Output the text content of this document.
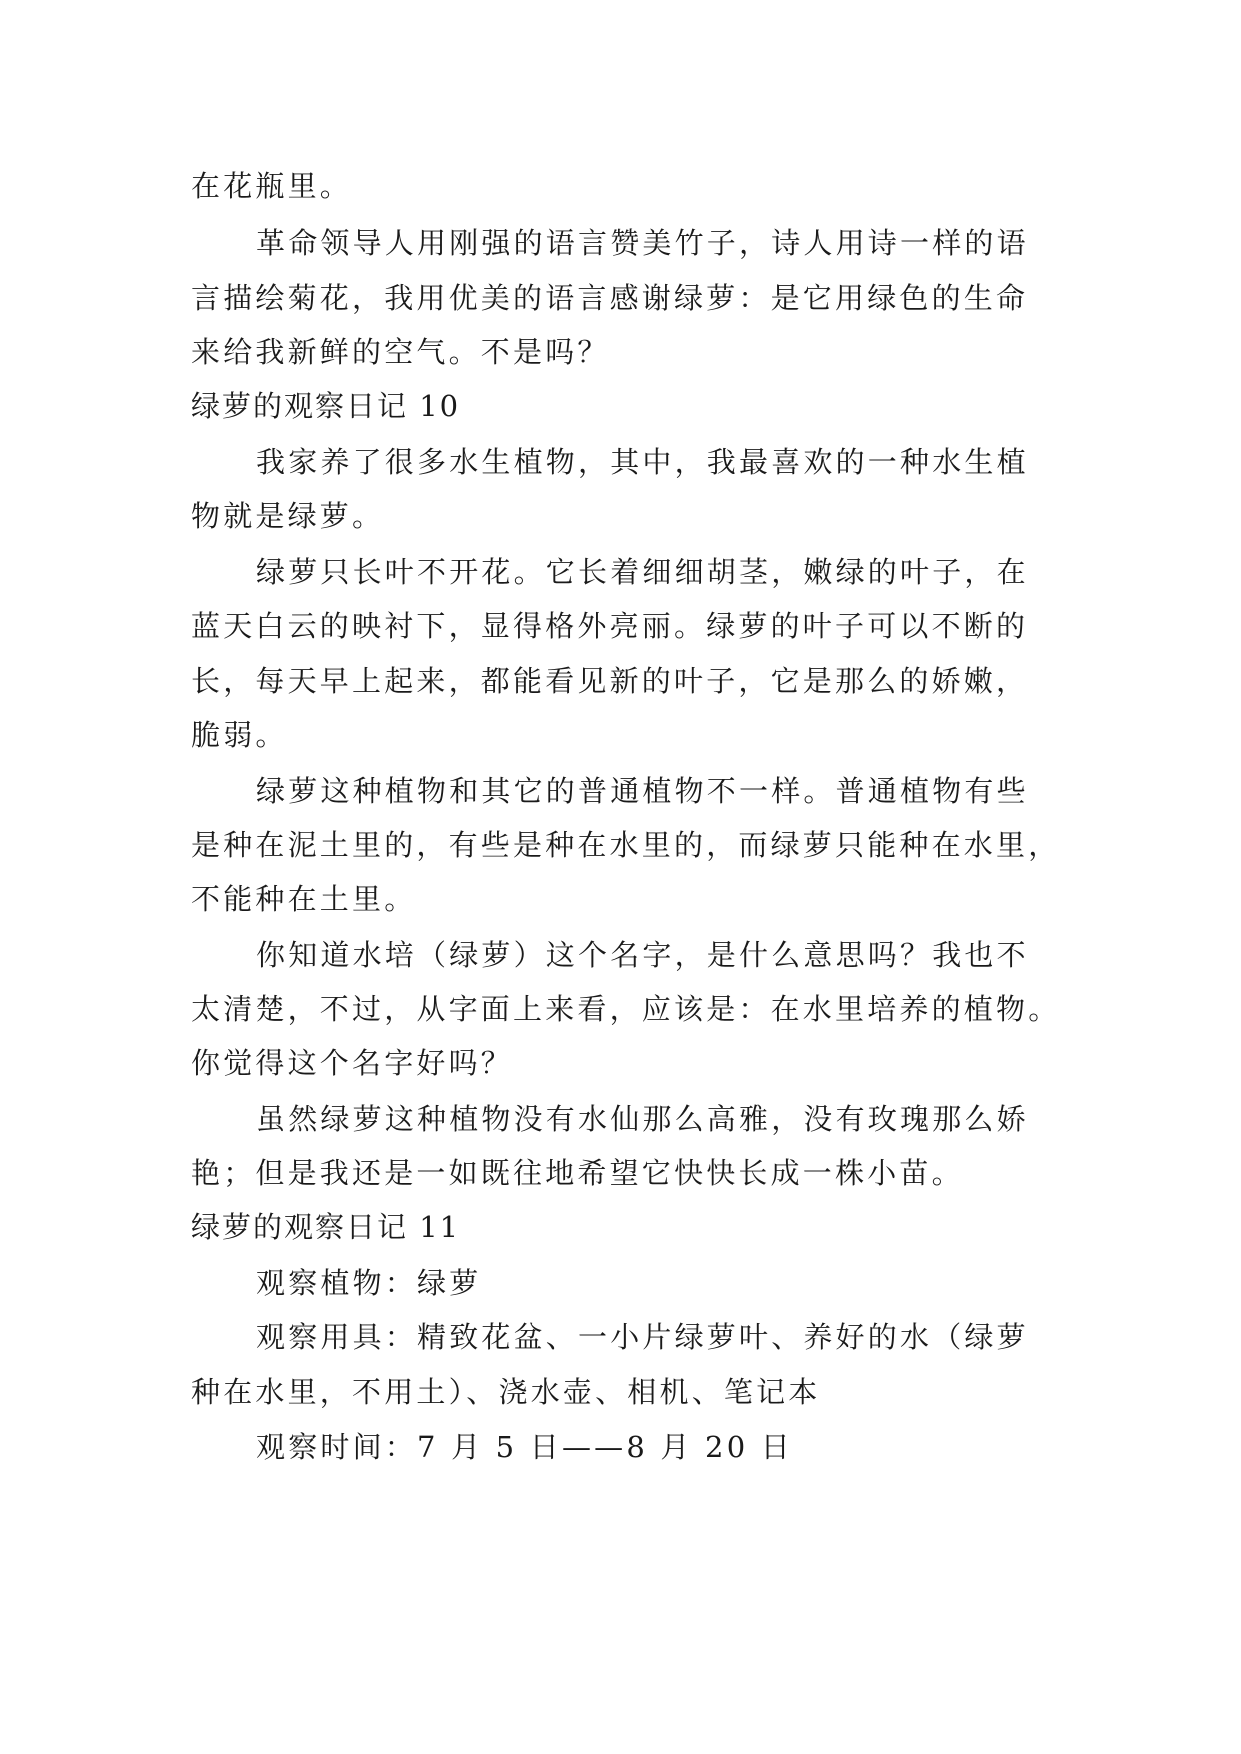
在花瓶里。
革命领导人用刚强的语言赞美竹子，诗人用诗一样的语
言描绘菊花，我用优美的语言感谢绿萝：是它用绿色的生命
来给我新鲜的空气。不是吗？
绿萝的观察日记 10
我家养了很多水生植物，其中，我最喜欢的一种水生植
物就是绿萝。
绿萝只长叶不开花。它长着细细胡茎，嫩绿的叶子，在
蓝天白云的映衬下，显得格外亮丽。绿萝的叶子可以不断的
长，每天早上起来，都能看见新的叶子，它是那么的娇嫩，
脆弱。
绿萝这种植物和其它的普通植物不一样。普通植物有些
是种在泥土里的，有些是种在水里的，而绿萝只能种在水里，
不能种在土里。
你知道水培（绿萝）这个名字，是什么意思吗？我也不
太清楚，不过，从字面上来看，应该是：在水里培养的植物。
你觉得这个名字好吗？
虽然绿萝这种植物没有水仙那么高雅，没有玫瑰那么娇
艳；但是我还是一如既往地希望它快快长成一株小苗。
绿萝的观察日记 11
观察植物：绿萝
观察用具：精致花盆、一小片绿萝叶、养好的水（绿萝
种在水里，不用土）、浇水壶、相机、笔记本
观察时间：7 月 5 日——8 月 20 日
